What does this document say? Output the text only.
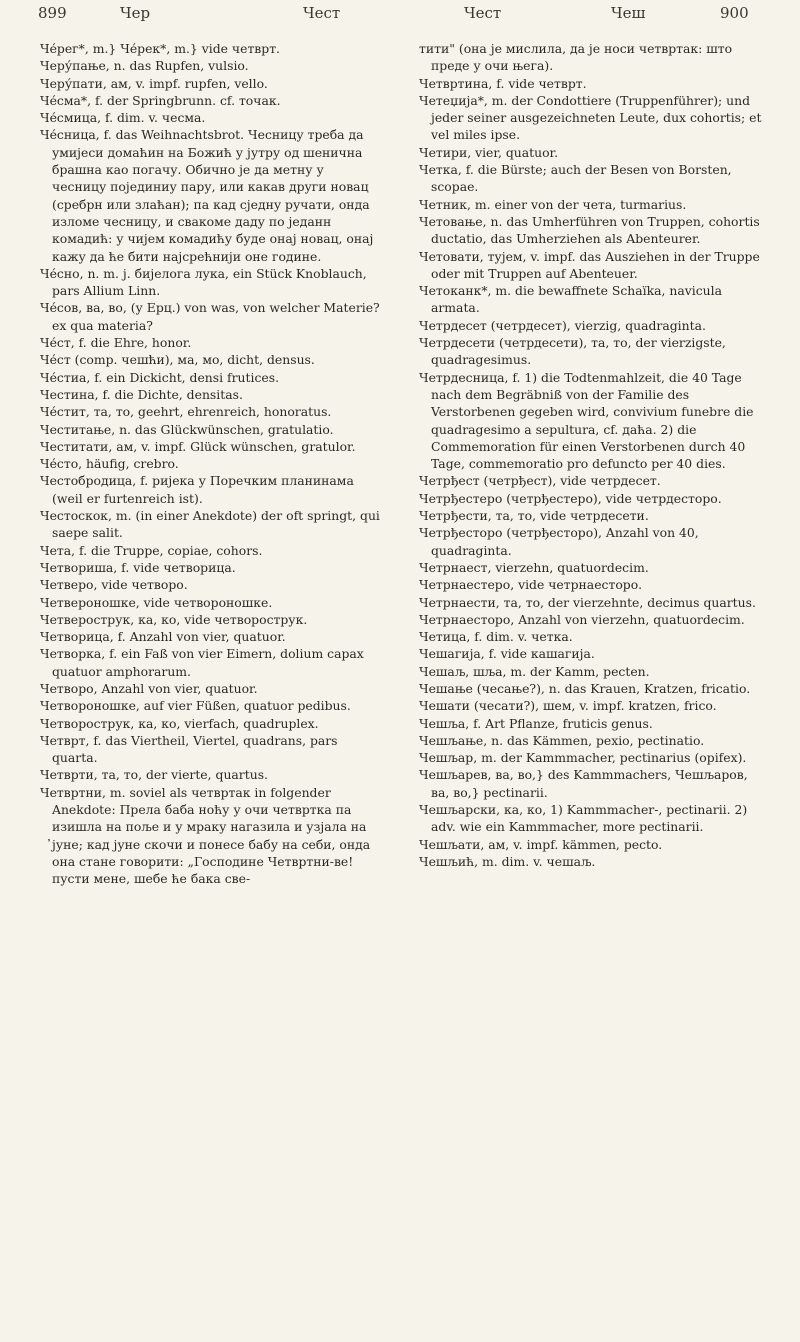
899	Чер	Чест	Чест	Чеш	900

Че́рег*, m.} Че́рек*, m.} vide четврт.

Черу́пање, n. das Rupfen, vulsio.

Черу́пати, ам, v. impf. rupfen, vello.

Че́сма*, f. der Springbrunn. cf. точак.

Че́смица, f. dim. v. чесма.

Че́сница, f. das Weihnachtsbrot. Чесницу треба да умијеси домаћин на Божић у јутру од шенична брашна као погачу. Обично је да метну у чесницу појединиу пару, или какав други новац (сребрн или злаћан); па кад сједну ручати, онда изломе чесницу, и свакоме даду по једанн комадић: у чијем комадићу буде онај новац, онај кажу да ће бити најсрећнији оне године.

Че́сно, n. m. j. бијелога лука, ein Stück Knoblauch, pars Allium Linn.

Че́сов, ва, во, (у Ерц.) von was, von welcher Materie? ex qua materia?

Че́ст, f. die Ehre, honor.

Че́ст (comp. чешћи), ма, мо, dicht, densus.

Че́стиа, f. ein Dickicht, densi frutices.

Честина, f. die Dichte, densitas.

Че́стит, та, то, geehrt, ehrenreich, honoratus.

Честитање, n. das Glückwünschen, gratulatio.

Честитати, ам, v. impf. Glück wünschen, gratulor.

Че́сто, häufig, crebro.

Честобродица, f. ријека у Поречким планинама (weil er furtenreich ist).

Честоскок, m. (in einer Anekdote) der oft springt, qui saepe salit.

Чета, f. die Truppe, copiae, cohors.

Четвориша, f. vide четворица.

Четверо, vide четворо.

Четвероношке, vide четвороношке.

Четверострук, ка, ко, vide четворострук.

Четворица, f. Anzahl von vier, quatuor.

Четворка, f. ein Faß von vier Eimern, dolium capax quatuor amphorarum.

Четворо, Anzahl von vier, quatuor.

Четвороношке, auf vier Füßen, quatuor pedibus.

Четворострук, ка, ко, vierfach, quadruplex.

Четврт, f. das Viertheil, Viertel, quadrans, pars quarta.

Четврти, та, то, der vierte, quartus.

Четвртни, m. soviel als четвртак in folgender Anekdote: Прела баба ноћу у очи четвртка па изишла на поље и у мраку нагазила и узјала на ̓јуне; кад јуне скочи и понесе бабу на себи, онда она стане говорити: „Господине Четвртни-ве! пусти мене, шебе ће бака све-

тити" (она је мислила, да је носи четвртак: што преде у очи њега).

Четвртина, f. vide четврт.

Четеџија*, m. der Condottiere (Truppenführer); und jeder seiner ausgezeichneten Leute, dux cohortis; et vel miles ipse.

Четири, vier, quatuor.

Четка, f. die Bürste; auch der Besen von Borsten, scopae.

Четник, m. einer von der чета, turmarius.

Четовање, n. das Umherführen von Truppen, cohortis ductatio, das Umherziehen als Abenteurer.

Четовати, тујем, v. impf. das Ausziehen in der Truppe oder mit Truppen auf Abenteuer.

Четоканк*, m. die bewaffnete Schaïka, navicula armata.

Четрдесет (четрдесет), vierzig, quadraginta.

Четрдесети (четрдесети), та, то, der vierzigste, quadragesimus.

Четрдесница, f. 1) die Todtenmahlzeit, die 40 Tage nach dem Begräbniß von der Familie des Verstorbenen gegeben wird, convivium funebre die quadragesimo a sepultura, cf. даћа. 2) die Commemoration für einen Verstorbenen durch 40 Tage, commemoratio pro defuncto per 40 dies.

Четрђест (четрђест), vide четрдесет.

Четрђестеро (четрђестеро), vide четрдесторо.

Четрђести, та, то, vide четрдесети.

Четрђесторо (четрђесторо), Anzahl von 40, quadraginta.

Четрнаест, vierzehn, quatuordecim.

Четрнаестеро, vide четрнаесторо.

Четрнаести, та, то, der vierzehnte, decimus quartus.

Четрнаесторо, Anzahl von vierzehn, quatuordecim.

Четица, f. dim. v. четка.

Чешагија, f. vide кашагија.

Чешаљ, шља, m. der Kamm, pecten.

Чешање (чесање?), n. das Krauen, Kratzen, fricatio.

Чешати (чесати?), шем, v. impf. kratzen, frico.

Чешља, f. Art Pflanze, fruticis genus.

Чешљање, n. das Kämmen, pexio, pectinatio.

Чешљар, m. der Kammmacher, pectinarius (opifex).

Чешљарев, ва, во,} des Kammmachers, Чешљаров, ва, во,} pectinarii.

Чешљарски, ка, ко, 1) Kammmacher-, pectinarii. 2) adv. wie ein Kammmacher, more pectinarii.

Чешљати, ам, v. impf. kämmen, pecto.

Чешљић, m. dim. v. чешаљ.
